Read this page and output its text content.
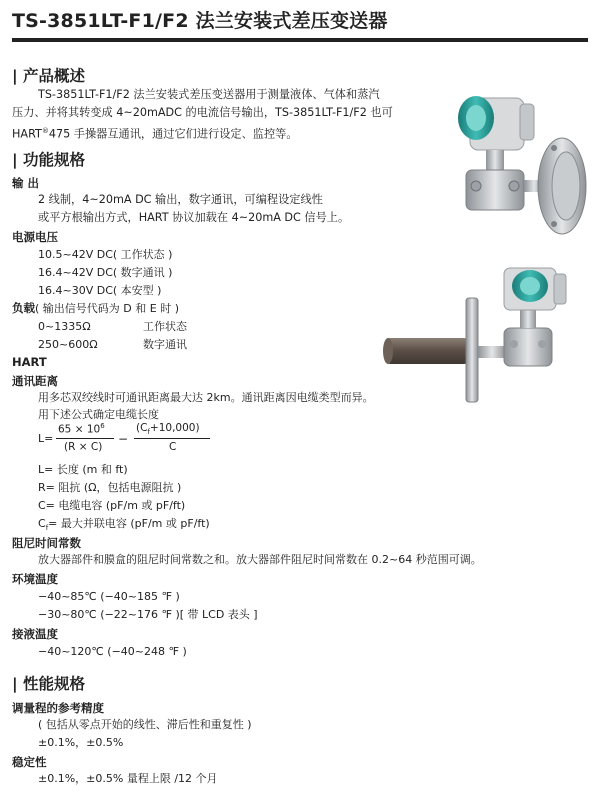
TS-3851LT-F1/F2 法兰安装式差压变送器
| 产品概述
TS-3851LT-F1/F2 法兰安装式差压变送器用于测量液体、气体和蒸汽
压力、并将其转变成 4~20mADC 的电流信号输出，TS-3851LT-F1/F2 也可
HART®475 手操器互通讯，通过它们进行设定、监控等。
| 功能规格
输 出
2 线制，4~20mA DC 输出，数字通讯，可编程设定线性
或平方根输出方式，HART 协议加载在 4~20mA DC 信号上。
电源电压
10.5~42V DC( 工作状态 )
16.4~42V DC( 数字通讯 )
16.4~30V DC( 本安型 )
负载( 输出信号代码为 D 和 E 时 )
0~1335Ω	工作状态
250~600Ω	数字通讯
HART
通讯距离
用多芯双绞线时可通讯距离最大达 2km。通讯距离因电缆类型而异。
用下述公式确定电缆长度
L=
$65 \times 10^6$
(R × C)
−
$(C_f+10,000)$
C
L= 长度 (m 和 ft)
R= 阻抗 (Ω，包括电源阻抗 )
C= 电缆电容 (pF/m 或 pF/ft)
$C_f=$ 最大并联电容 (pF/m 或 pF/ft)
阻尼时间常数
放大器部件和膜盒的阻尼时间常数之和。放大器部件阻尼时间常数在 0.2~64 秒范围可调。
环境温度
−40~85℃ (−40~185 ℉ )
−30~80℃ (−22~176 ℉ )[ 带 LCD 表头 ]
接液温度
−40~120℃ (−40~248 ℉ )
| 性能规格
调量程的参考精度
( 包括从零点开始的线性、滞后性和重复性 )
±0.1%，±0.5%
稳定性
±0.1%，±0.5% 量程上限 /12 个月
